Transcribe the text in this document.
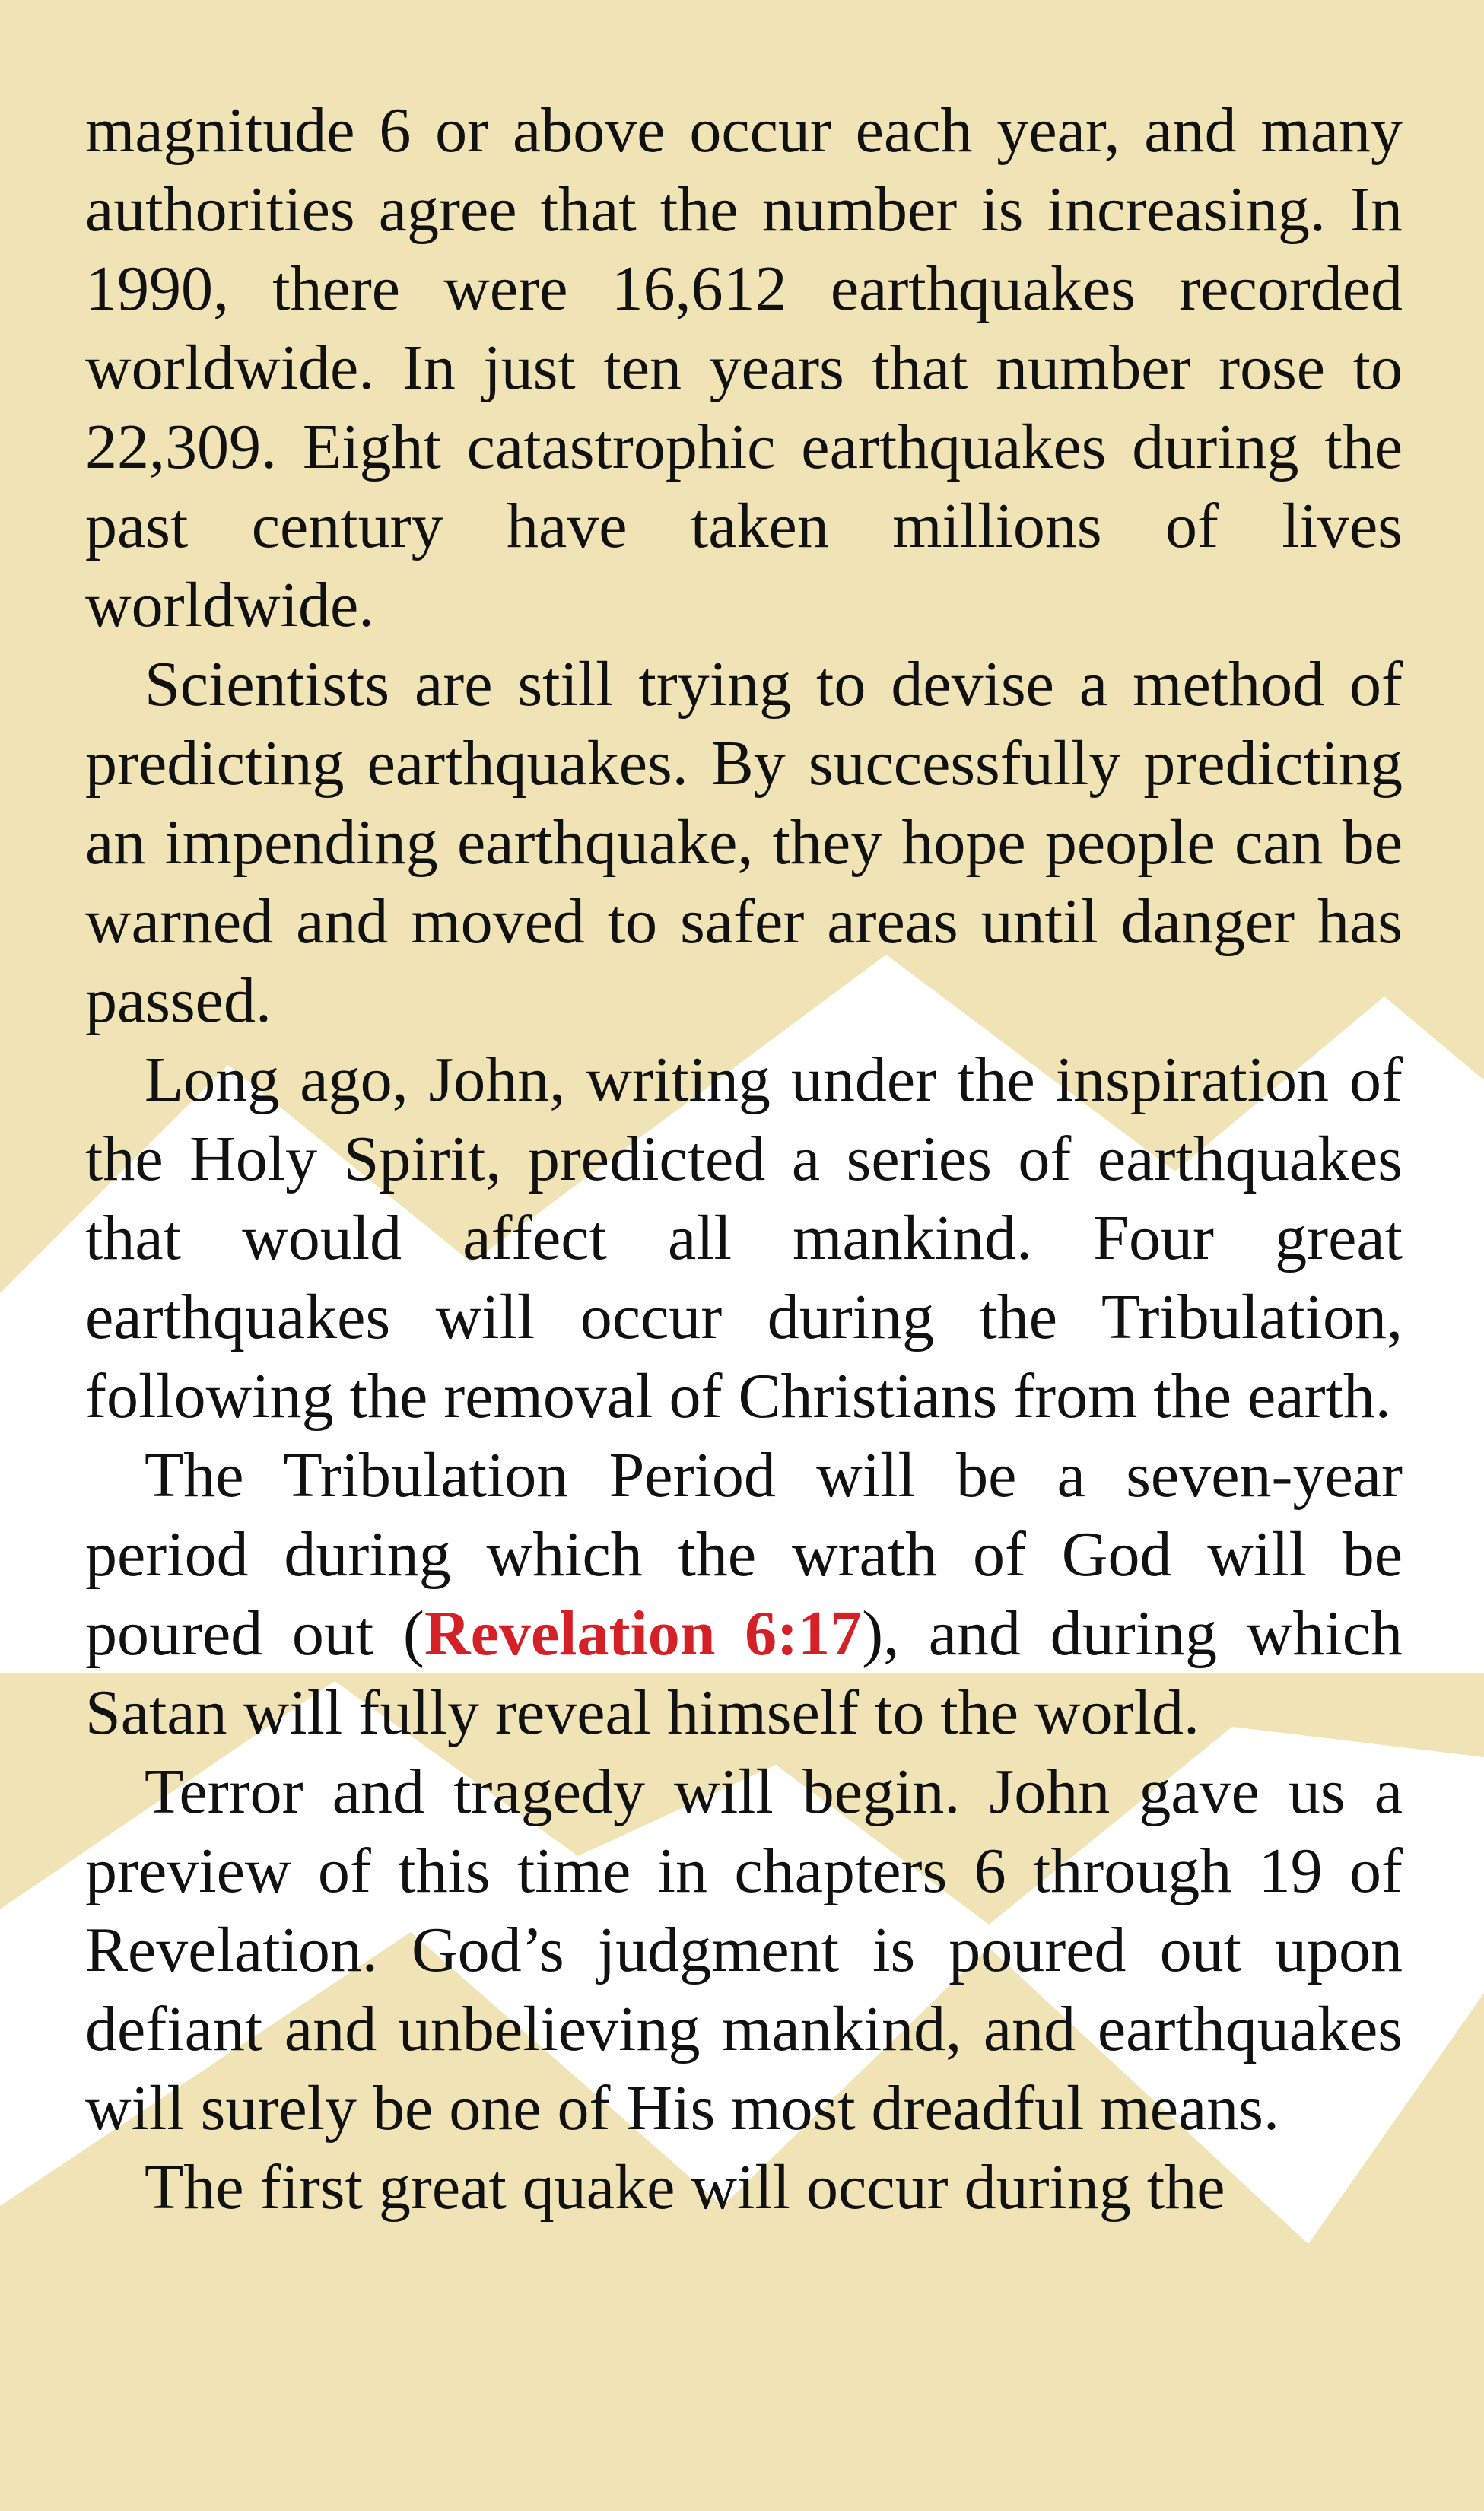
magnitude 6 or above occur each year, and many authorities agree that the number is increasing. In 1990, there were 16,612 earthquakes recorded worldwide. In just ten years that number rose to 22,309. Eight catastrophic earthquakes during the past century have taken millions of lives worldwide.

Scientists are still trying to devise a method of predicting earthquakes. By successfully predicting an impending earthquake, they hope people can be warned and moved to safer areas until danger has passed.

Long ago, John, writing under the inspiration of the Holy Spirit, predicted a series of earthquakes that would affect all mankind. Four great earthquakes will occur during the Tribulation, following the removal of Christians from the earth.

The Tribulation Period will be a seven-year period during which the wrath of God will be poured out (Revelation 6:17), and during which Satan will fully reveal himself to the world.

Terror and tragedy will begin. John gave us a preview of this time in chapters 6 through 19 of Revelation. God’s judgment is poured out upon defiant and unbelieving mankind, and earthquakes will surely be one of His most dreadful means.

The first great quake will occur during the
